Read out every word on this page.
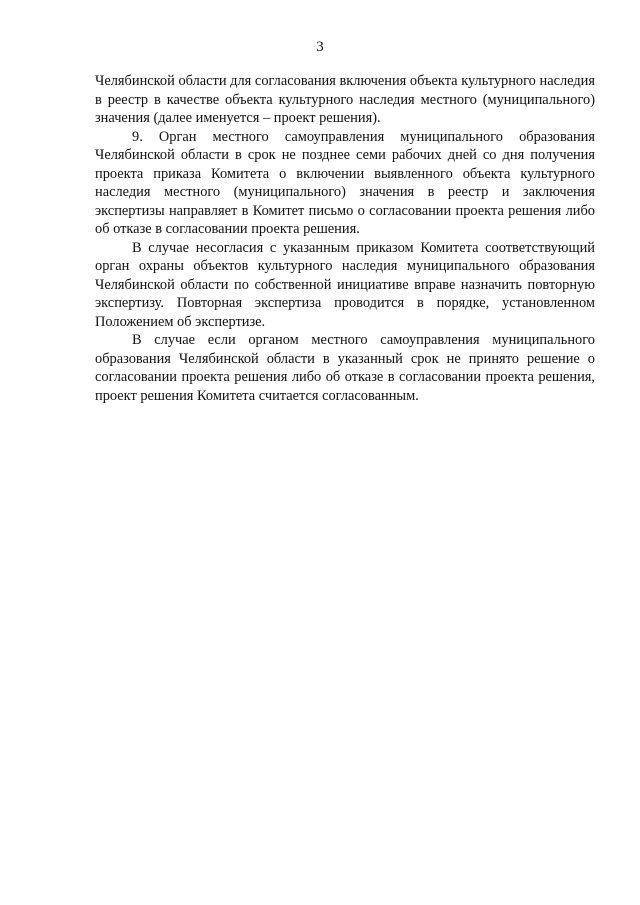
3

Челябинской области для согласования включения объекта культурного наследия в реестр в качестве объекта культурного наследия местного (муниципального) значения (далее именуется – проект решения).

9. Орган местного самоуправления муниципального образования Челябинской области в срок не позднее семи рабочих дней со дня получения проекта приказа Комитета о включении выявленного объекта культурного наследия местного (муниципального) значения в реестр и заключения экспертизы направляет в Комитет письмо о согласовании проекта решения либо об отказе в согласовании проекта решения.

В случае несогласия с указанным приказом Комитета соответствующий орган охраны объектов культурного наследия муниципального образования Челябинской области по собственной инициативе вправе назначить повторную экспертизу. Повторная экспертиза проводится в порядке, установленном Положением об экспертизе.

В случае если органом местного самоуправления муниципального образования Челябинской области в указанный срок не принято решение о согласовании проекта решения либо об отказе в согласовании проекта решения, проект решения Комитета считается согласованным.
